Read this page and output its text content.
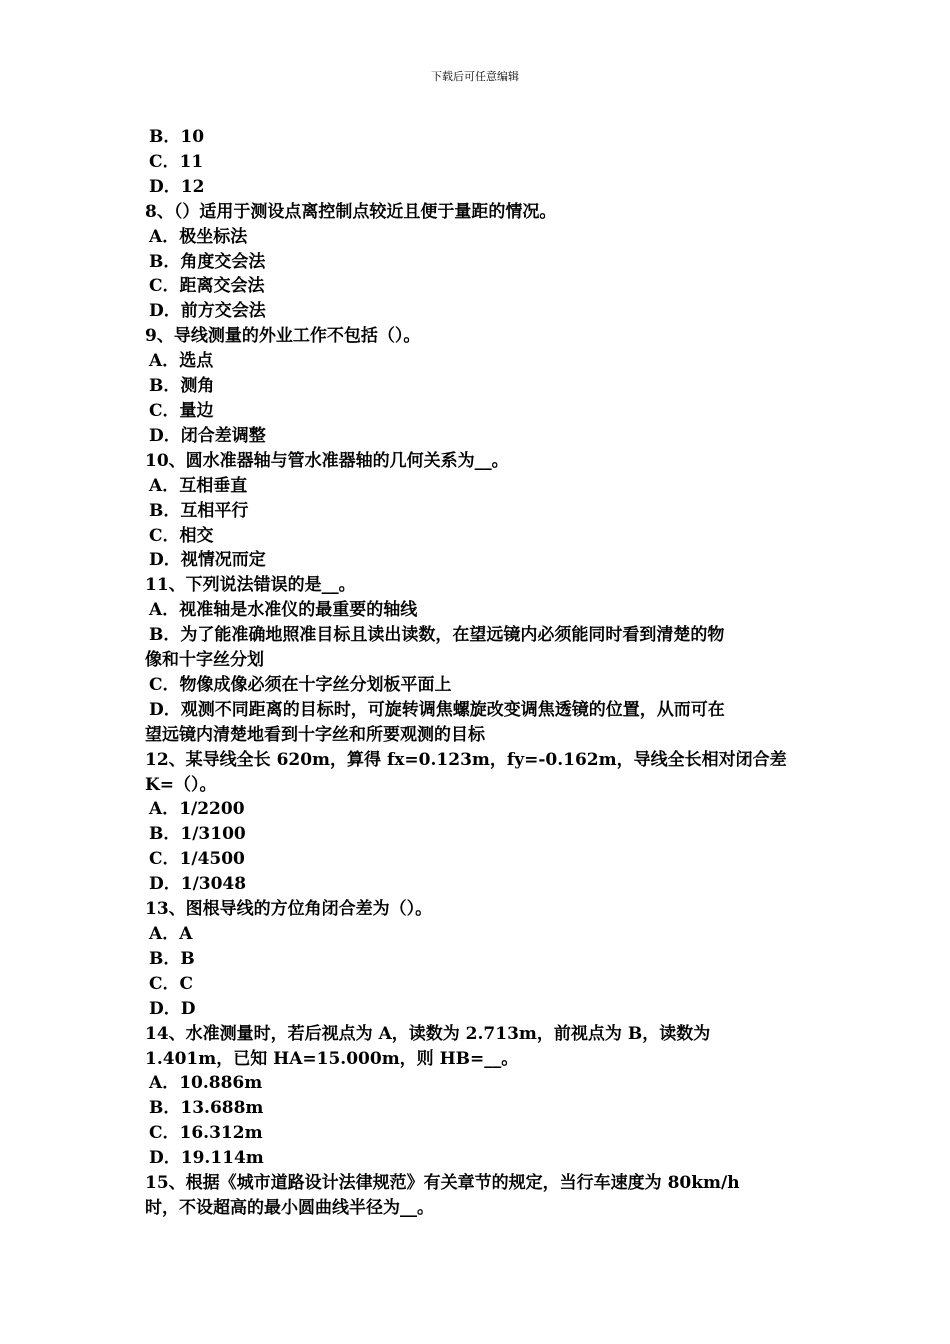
下载后可任意编辑
B．10
C．11
D．12
8、（）适用于测设点离控制点较近且便于量距的情况。
A．极坐标法
B．角度交会法
C．距离交会法
D．前方交会法
9、导线测量的外业工作不包括（）。
A．选点
B．测角
C．量边
D．闭合差调整
10、圆水准器轴与管水准器轴的几何关系为__。
A．互相垂直
B．互相平行
C．相交
D．视情况而定
11、下列说法错误的是__。
A．视准轴是水准仪的最重要的轴线
B．为了能准确地照准目标且读出读数，在望远镜内必须能同时看到清楚的物
像和十字丝分划
C．物像成像必须在十字丝分划板平面上
D．观测不同距离的目标时，可旋转调焦螺旋改变调焦透镜的位置，从而可在
望远镜内清楚地看到十字丝和所要观测的目标
12、某导线全长 620m，算得 fx=0.123m，fy=-0.162m，导线全长相对闭合差
K=（）。
A．1/2200
B．1/3100
C．1/4500
D．1/3048
13、图根导线的方位角闭合差为（）。
A．A
B．B
C．C
D．D
14、水准测量时，若后视点为 A，读数为 2.713m，前视点为 B，读数为
1.401m，已知 HA=15.000m，则 HB=__。
A．10.886m
B．13.688m
C．16.312m
D．19.114m
15、根据《城市道路设计法律规范》有关章节的规定，当行车速度为 80km/h
时，不设超高的最小圆曲线半径为__。
